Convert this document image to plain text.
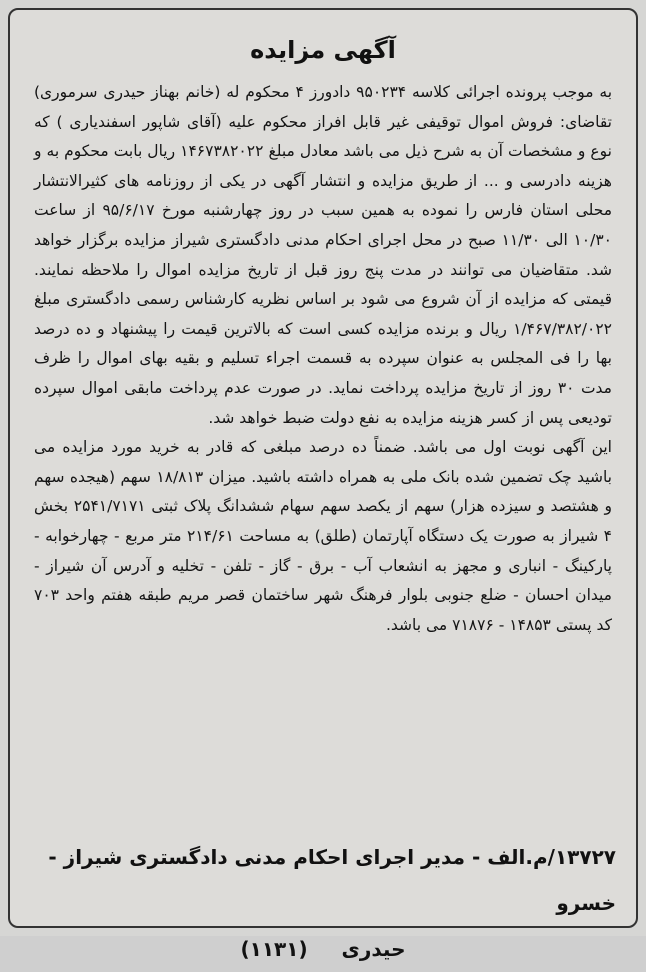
آگهی مزایده

به موجب پرونده اجرائی کلاسه ۹۵۰۲۳۴ دادورز ۴ محکوم له (خانم بهناز حیدری سرموری) تقاضای: فروش اموال توقیفی غیر قابل افراز محکوم علیه (آقای شاپور اسفندیاری ) که نوع و مشخصات آن به شرح ذیل می باشد معادل مبلغ ۱۴۶۷۳۸۲۰۲۲ ریال بابت محکوم به و هزینه دادرسی و ... از طریق مزایده و انتشار آگهی در یکی از روزنامه های کثیرالانتشار محلی استان فارس را نموده به همین سبب در روز چهارشنبه مورخ ۹۵/۶/۱۷ از ساعت ۱۰/۳۰ الی ۱۱/۳۰ صبح در محل اجرای احکام مدنی دادگستری شیراز مزایده برگزار خواهد شد. متقاضیان می توانند در مدت پنج روز قبل از تاریخ مزایده اموال را ملاحظه نمایند. قیمتی که مزایده از آن شروع می شود بر اساس نظریه کارشناس رسمی دادگستری مبلغ ۱/۴۶۷/۳۸۲/۰۲۲ ریال و برنده مزایده کسی است که بالاترین قیمت را پیشنهاد و ده درصد بها را فی المجلس به عنوان سپرده به قسمت اجراء تسلیم و بقیه بهای اموال را ظرف مدت ۳۰ روز از تاریخ مزایده پرداخت نماید. در صورت عدم پرداخت مابقی اموال سپرده تودیعی پس از کسر هزینه مزایده به نفع دولت ضبط خواهد شد.

این آگهی نوبت اول می باشد. ضمناً ده درصد مبلغی که قادر به خرید مورد مزایده می باشید چک تضمین شده بانک ملی به همراه داشته باشید. میزان ۱۸/۸۱۳ سهم (هیجده سهم و هشتصد و سیزده هزار) سهم از یکصد سهم سهام ششدانگ پلاک ثبتی ۲۵۴۱/۷۱۷۱ بخش ۴ شیراز به صورت یک دستگاه آپارتمان (طلق) به مساحت ۲۱۴/۶۱ متر مربع - چهارخوابه - پارکینگ - انباری و مجهز به انشعاب آب - برق - گاز - تلفن - تخلیه و آدرس آن شیراز - میدان احسان - ضلع جنوبی بلوار فرهنگ شهر ساختمان قصر مریم طبقه هفتم واحد ۷۰۳ کد پستی ۱۴۸۵۳ - ۷۱۸۷۶ می باشد.

۱۳۷۲۷/م.الف - مدیر اجرای احکام مدنی دادگستری شیراز - خسرو
حیدری  (۱۱۳۱)
